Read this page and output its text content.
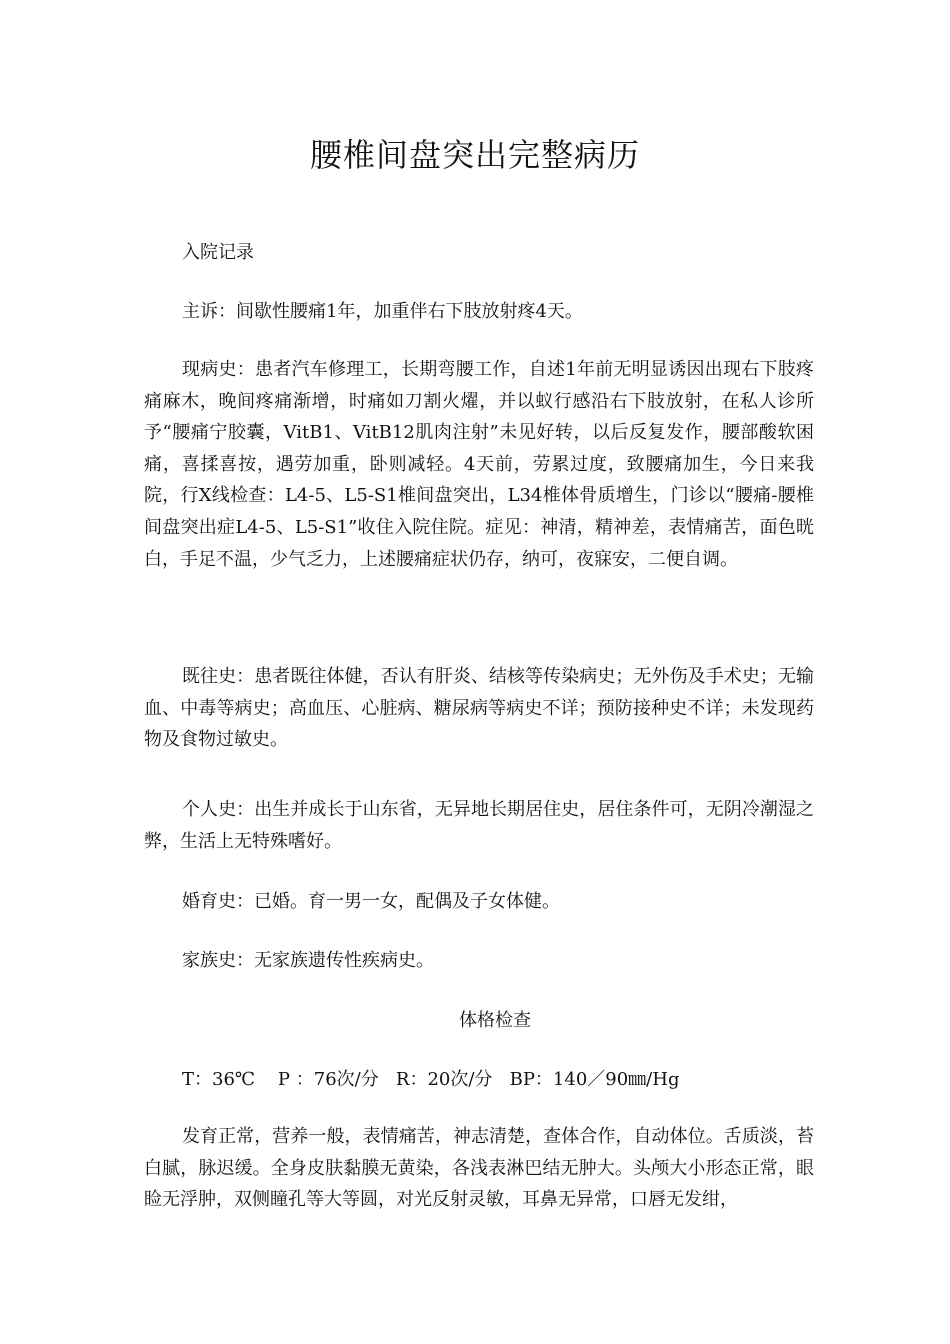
腰椎间盘突出完整病历

入院记录

主诉：间歇性腰痛1年，加重伴右下肢放射疼4天。

现病史：患者汽车修理工，长期弯腰工作，自述1年前无明显诱因出现右下肢疼痛麻木，晚间疼痛渐增，时痛如刀割火燿，并以蚁行感沿右下肢放射，在私人诊所予“腰痛宁胶囊，VitB1、VitB12肌肉注射”未见好转，以后反复发作，腰部酸软困痛，喜揉喜按，遇劳加重，卧则减轻。4天前，劳累过度，致腰痛加生，今日来我院，行X线检查：L4-5、L5-S1椎间盘突出，L34椎体骨质增生，门诊以“腰痛-腰椎间盘突出症L4-5、L5-S1”收住入院住院。症见：神清，精神差，表情痛苦，面色晄白，手足不温，少气乏力，上述腰痛症状仍存，纳可，夜寐安，二便自调。

既往史：患者既往体健，否认有肝炎、结核等传染病史；无外伤及手术史；无输血、中毒等病史；高血压、心脏病、糖尿病等病史不详；预防接种史不详；未发现药物及食物过敏史。

个人史：出生并成长于山东省，无异地长期居住史，居住条件可，无阴冷潮湿之弊，生活上无特殊嗜好。

婚育史：已婚。育一男一女，配偶及子女体健。

家族史：无家族遗传性疾病史。

体格检查

T：36℃    P ：76次/分   R：20次/分   BP：140／90㎜/Hg

发育正常，营养一般，表情痛苦，神志清楚，查体合作，自动体位。舌质淡，苔白腻，脉迟缓。全身皮肤黏膜无黄染，各浅表淋巴结无肿大。头颅大小形态正常，眼睑无浮肿，双侧瞳孔等大等圆，对光反射灵敏，耳鼻无异常，口唇无发绀，
